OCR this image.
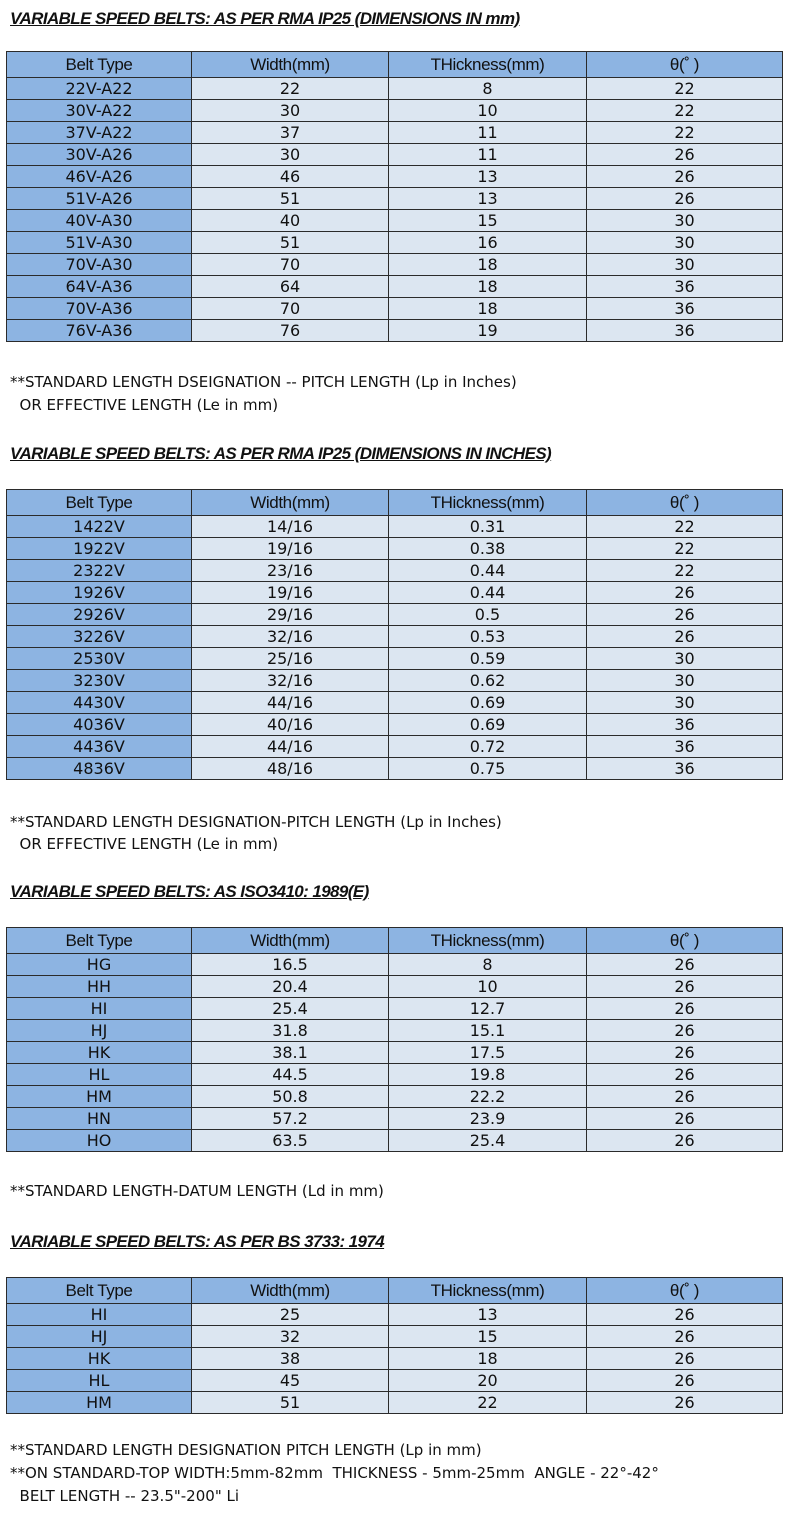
VARIABLE SPEED BELTS: AS PER RMA IP25 (DIMENSIONS IN mm)
Belt Type	Width(mm)	THickness(mm)	θ(˚ )
22V-A22	22	8	22
30V-A22	30	10	22
37V-A22	37	11	22
30V-A26	30	11	26
46V-A26	46	13	26
51V-A26	51	13	26
40V-A30	40	15	30
51V-A30	51	16	30
70V-A30	70	18	30
64V-A36	64	18	36
70V-A36	70	18	36
76V-A36	76	19	36

**STANDARD LENGTH DSEIGNATION -- PITCH LENGTH (Lp in Inches)

OR EFFECTIVE LENGTH (Le in mm)

VARIABLE SPEED BELTS: AS PER RMA IP25 (DIMENSIONS IN INCHES)
Belt Type	Width(mm)	THickness(mm)	θ(˚ )
1422V	14/16	0.31	22
1922V	19/16	0.38	22
2322V	23/16	0.44	22
1926V	19/16	0.44	26
2926V	29/16	0.5	26
3226V	32/16	0.53	26
2530V	25/16	0.59	30
3230V	32/16	0.62	30
4430V	44/16	0.69	30
4036V	40/16	0.69	36
4436V	44/16	0.72	36
4836V	48/16	0.75	36

**STANDARD LENGTH DESIGNATION-PITCH LENGTH (Lp in Inches)

OR EFFECTIVE LENGTH (Le in mm)

VARIABLE SPEED BELTS: AS ISO3410: 1989(E)
Belt Type	Width(mm)	THickness(mm)	θ(˚ )
HG	16.5	8	26
HH	20.4	10	26
HI	25.4	12.7	26
HJ	31.8	15.1	26
HK	38.1	17.5	26
HL	44.5	19.8	26
HM	50.8	22.2	26
HN	57.2	23.9	26
HO	63.5	25.4	26

**STANDARD LENGTH-DATUM LENGTH (Ld in mm)

VARIABLE SPEED BELTS: AS PER BS 3733: 1974
Belt Type	Width(mm)	THickness(mm)	θ(˚ )
HI	25	13	26
HJ	32	15	26
HK	38	18	26
HL	45	20	26
HM	51	22	26

**STANDARD LENGTH DESIGNATION PITCH LENGTH (Lp in mm)

**ON STANDARD-TOP WIDTH:5mm-82mm  THICKNESS - 5mm-25mm  ANGLE - 22°-42°

BELT LENGTH -- 23.5"-200" Li
